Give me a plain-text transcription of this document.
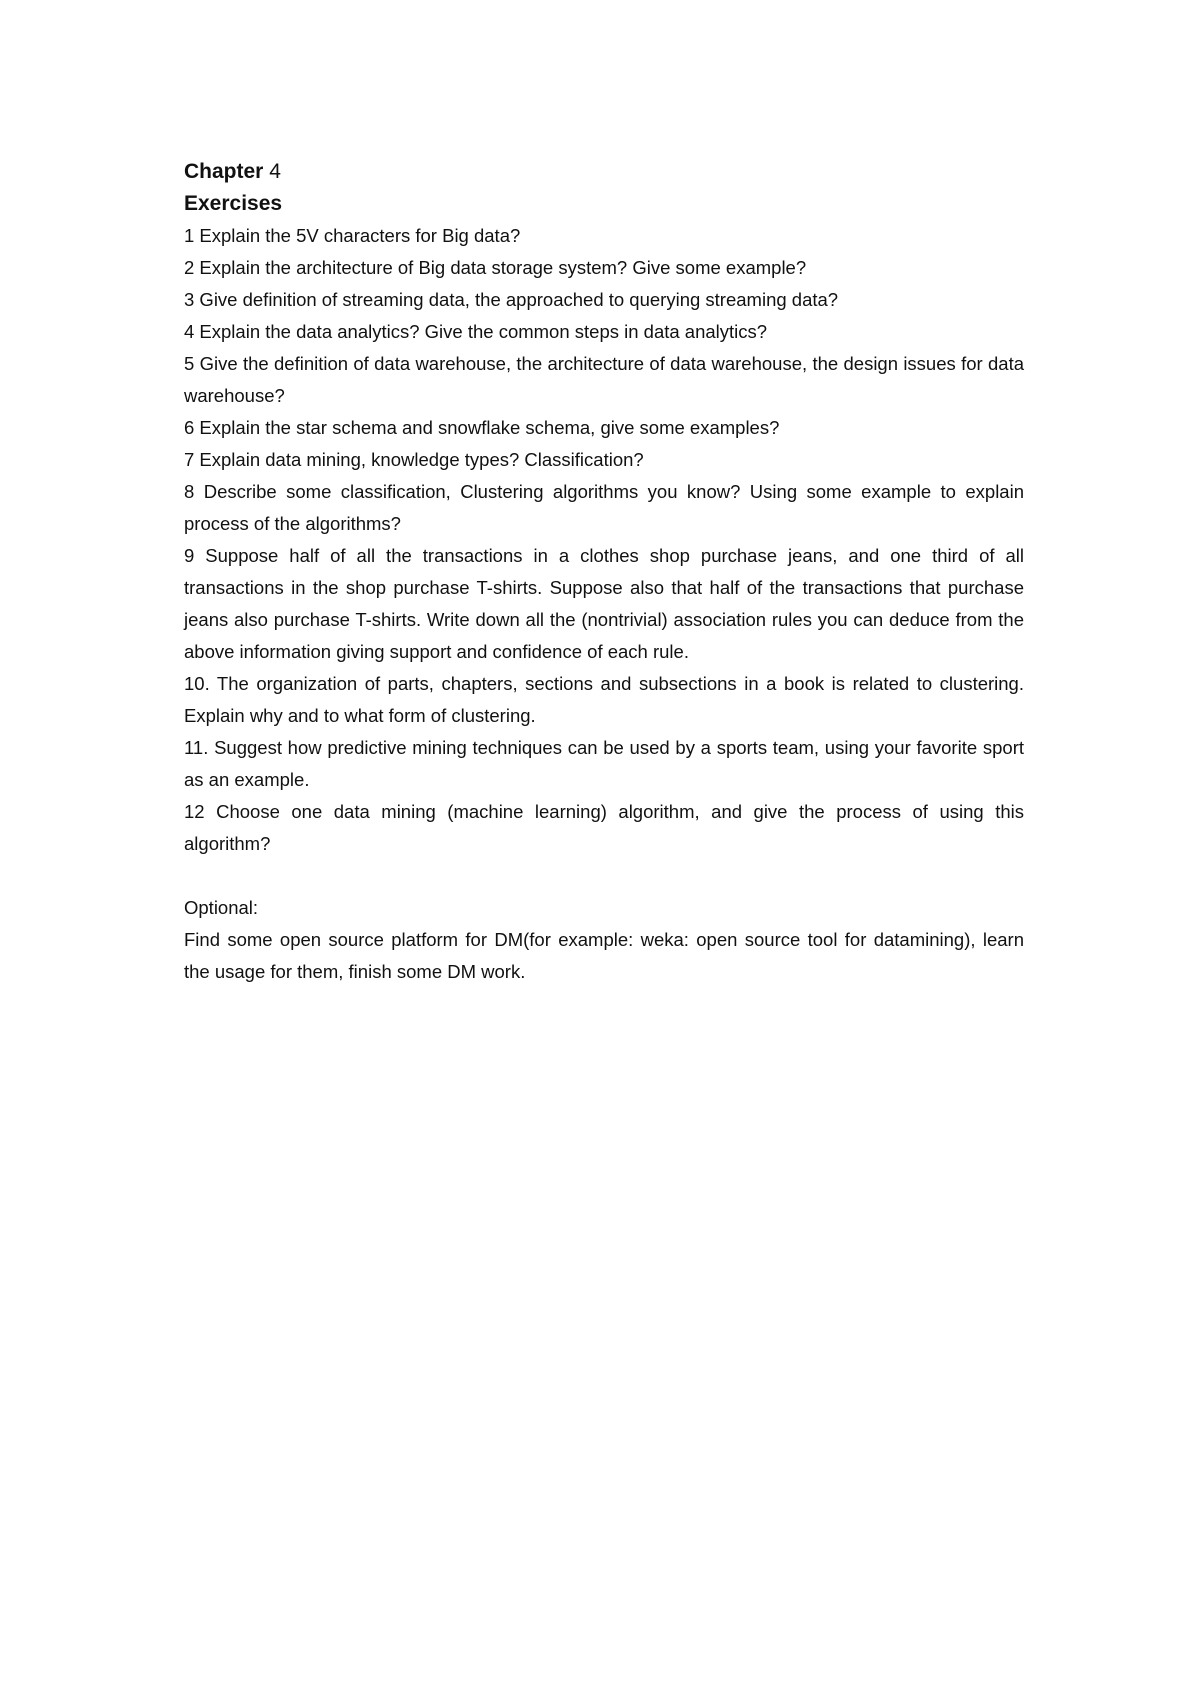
Chapter 4
Exercises

1 Explain the 5V characters for Big data?

2 Explain the architecture of Big data storage system? Give some example?

3 Give definition of streaming data, the approached to querying streaming data?

4 Explain the data analytics? Give the common steps in data analytics?

5 Give the definition of data warehouse, the architecture of data warehouse, the design issues for data warehouse?

6 Explain the star schema and snowflake schema, give some examples?

7 Explain data mining, knowledge types? Classification?

8 Describe some classification, Clustering algorithms you know? Using some example to explain process of the algorithms?

9 Suppose half of all the transactions in a clothes shop purchase jeans, and one third of all transactions in the shop purchase T-shirts. Suppose also that half of the transactions that purchase jeans also purchase T-shirts. Write down all the (nontrivial) association rules you can deduce from the above information giving support and confidence of each rule.

10. The organization of parts, chapters, sections and subsections in a book is related to clustering. Explain why and to what form of clustering.

11. Suggest how predictive mining techniques can be used by a sports team, using your favorite sport as an example.

12 Choose one data mining (machine learning) algorithm, and give the process of using this algorithm?

Optional:

Find some open source platform for DM(for example: weka: open source tool for datamining), learn the usage for them, finish some DM work.
